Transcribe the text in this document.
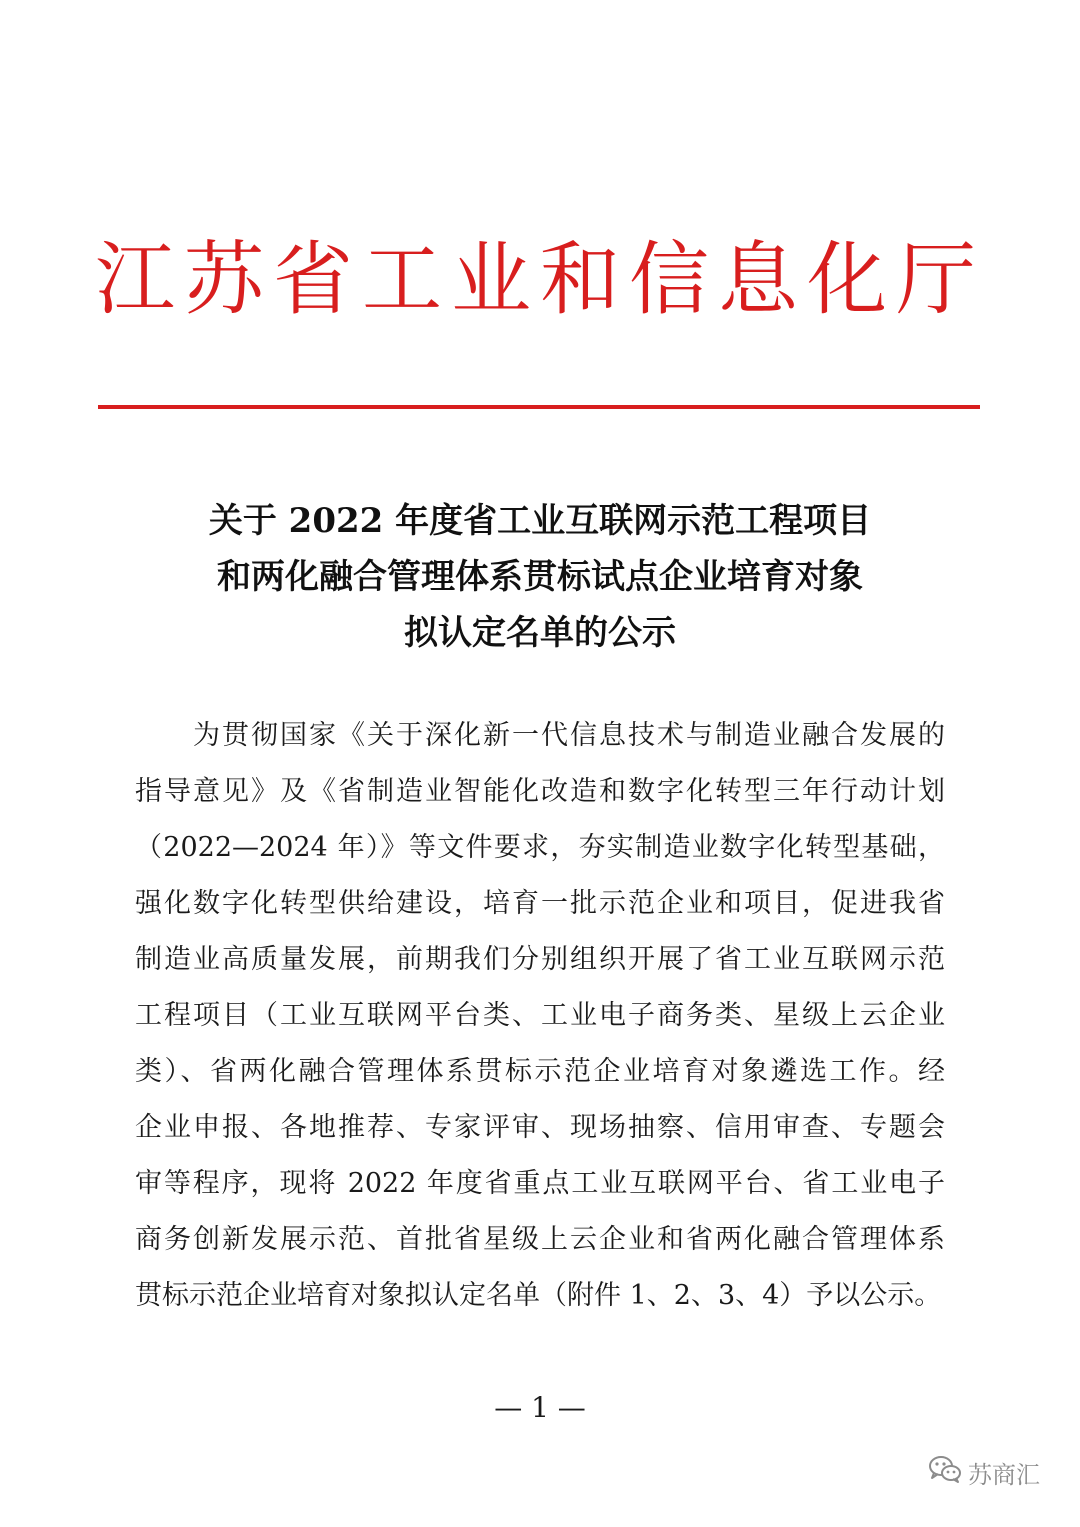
江苏省工业和信息化厅
关于 2022 年度省工业互联网示范工程项目
和两化融合管理体系贯标试点企业培育对象
拟认定名单的公示
　　为贯彻国家《关于深化新一代信息技术与制造业融合发展的
指导意见》及《省制造业智能化改造和数字化转型三年行动计划
（2022—2024 年）》等文件要求，夯实制造业数字化转型基础，
强化数字化转型供给建设，培育一批示范企业和项目，促进我省
制造业高质量发展，前期我们分别组织开展了省工业互联网示范
工程项目（工业互联网平台类、工业电子商务类、星级上云企业
类）、省两化融合管理体系贯标示范企业培育对象遴选工作。经
企业申报、各地推荐、专家评审、现场抽察、信用审查、专题会
审等程序，现将 2022 年度省重点工业互联网平台、省工业电子
商务创新发展示范、首批省星级上云企业和省两化融合管理体系
贯标示范企业培育对象拟认定名单（附件 1、2、3、4）予以公示。
— 1 —
苏商汇
